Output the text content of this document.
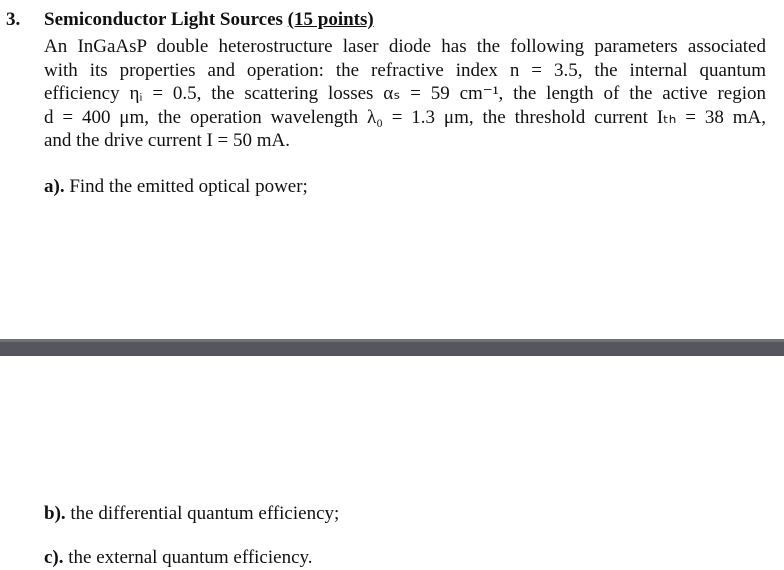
3. Semiconductor Light Sources (15 points)
An InGaAsP double heterostructure laser diode has the following parameters associated
with its properties and operation: the refractive index n = 3.5, the internal quantum
efficiency ηᵢ = 0.5, the scattering losses αₛ = 59 cm⁻¹, the length of the active region
d = 400 μm, the operation wavelength λ₀ = 1.3 μm, the threshold current Iₜₕ = 38 mA,
and the drive current I = 50 mA.
a). Find the emitted optical power;
b). the differential quantum efficiency;
c). the external quantum efficiency.
